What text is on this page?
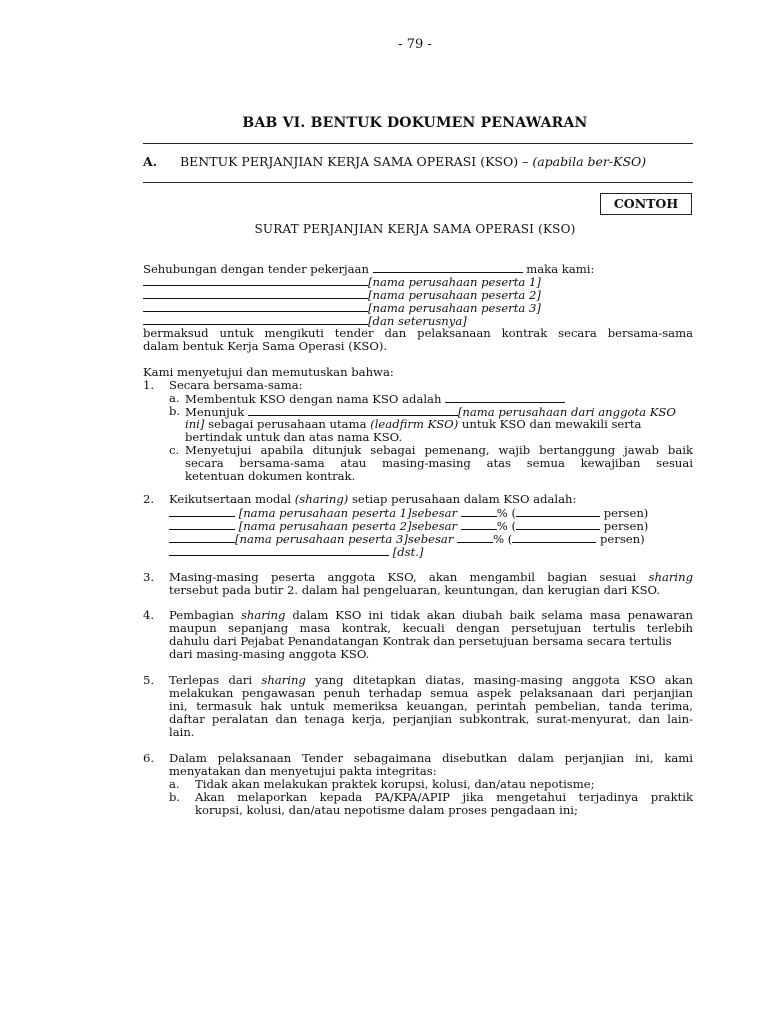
- 79 -
BAB VI. BENTUK DOKUMEN PENAWARAN
A. BENTUK PERJANJIAN KERJA SAMA OPERASI (KSO) – (apabila ber-KSO)
CONTOH
SURAT PERJANJIAN KERJA SAMA OPERASI (KSO)
Sehubungan dengan tender pekerjaan	maka kami:
[nama perusahaan peserta 1]
[nama perusahaan peserta 2]
[nama perusahaan peserta 3]
[dan seterusnya]
bermaksud untuk mengikuti tender dan pelaksanaan kontrak secara bersama-sama
dalam bentuk Kerja Sama Operasi (KSO).
Kami menyetujui dan memutuskan bahwa:
1. Secara bersama-sama:
a. Membentuk KSO dengan nama KSO adalah
b. Menunjuk	[nama perusahaan dari anggota KSO
ini] sebagai perusahaan utama (leadfirm KSO) untuk KSO dan mewakili serta
bertindak untuk dan atas nama KSO.
c. Menyetujui apabila ditunjuk sebagai pemenang, wajib bertanggung jawab baik
secara bersama-sama atau masing-masing atas semua kewajiban sesuai
ketentuan dokumen kontrak.
2. Keikutsertaan modal (sharing) setiap perusahaan dalam KSO adalah:
[nama perusahaan peserta 1]sebesar	% (	persen)
[nama perusahaan peserta 2]sebesar	% (	persen)
[nama perusahaan peserta 3]sebesar	% (	persen)
[dst.]
3. Masing-masing peserta anggota KSO, akan mengambil bagian sesuai sharing
tersebut pada butir 2. dalam hal pengeluaran, keuntungan, dan kerugian dari KSO.
4. Pembagian sharing dalam KSO ini tidak akan diubah baik selama masa penawaran
maupun sepanjang masa kontrak, kecuali dengan persetujuan tertulis terlebih
dahulu dari Pejabat Penandatangan Kontrak dan persetujuan bersama secara tertulis
dari masing-masing anggota KSO.
5. Terlepas dari sharing yang ditetapkan diatas, masing-masing anggota KSO akan
melakukan pengawasan penuh terhadap semua aspek pelaksanaan dari perjanjian
ini, termasuk hak untuk memeriksa keuangan, perintah pembelian, tanda terima,
daftar peralatan dan tenaga kerja, perjanjian subkontrak, surat-menyurat, dan lain-
lain.
6. Dalam pelaksanaan Tender sebagaimana disebutkan dalam perjanjian ini, kami
menyatakan dan menyetujui pakta integritas:
a. Tidak akan melakukan praktek korupsi, kolusi, dan/atau nepotisme;
b. Akan melaporkan kepada PA/KPA/APIP jika mengetahui terjadinya praktik
korupsi, kolusi, dan/atau nepotisme dalam proses pengadaan ini;
